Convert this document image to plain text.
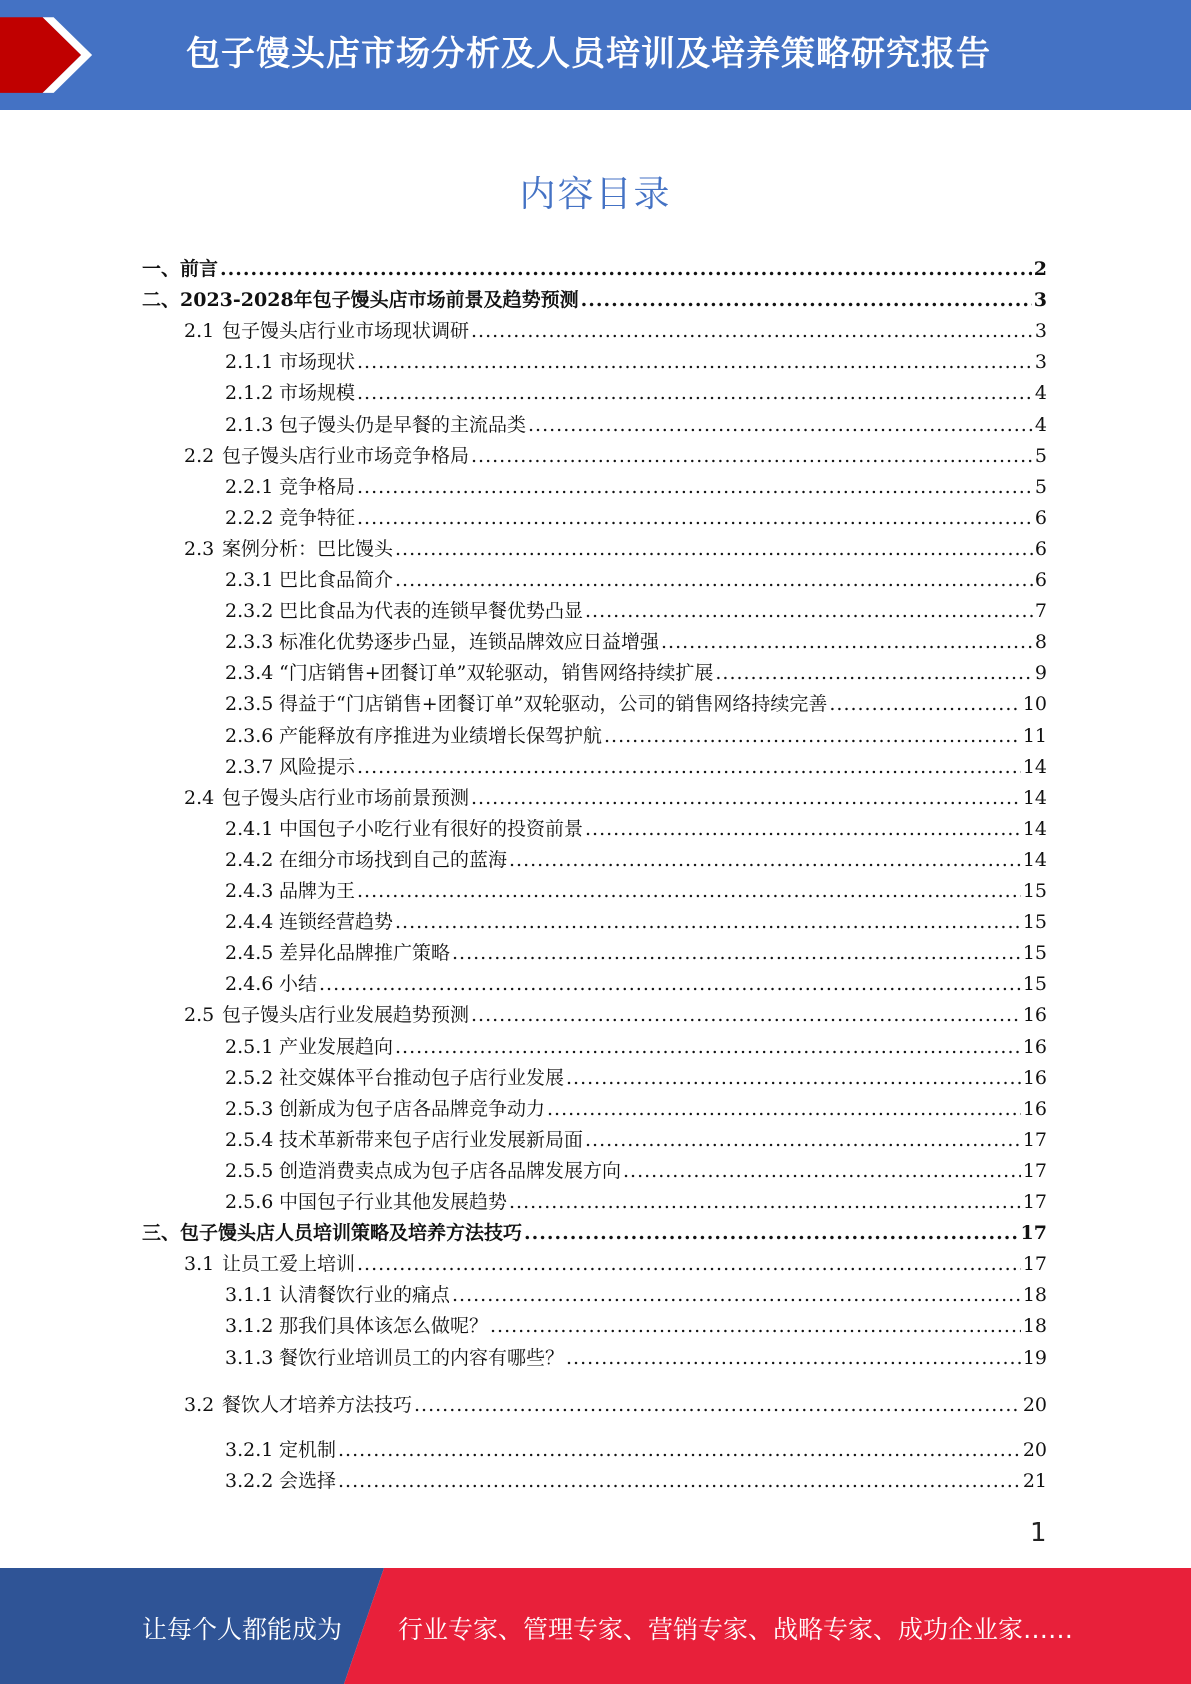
包子馒头店市场分析及人员培训及培养策略研究报告
内容目录
一、 前言 .....	2
二、 2023-2028年包子馒头店市场前景及趋势预测 .....	3
2.1 包子馒头店行业市场现状调研 .....	3
2.1.1 市场现状 .....	3
2.1.2 市场规模 .....	4
2.1.3 包子馒头仍是早餐的主流品类 .....	4
2.2 包子馒头店行业市场竞争格局 .....	5
2.2.1 竞争格局 .....	5
2.2.2 竞争特征 .....	6
2.3 案例分析：巴比馒头 .....	6
2.3.1 巴比食品简介 .....	6
2.3.2 巴比食品为代表的连锁早餐优势凸显 .....	7
2.3.3 标准化优势逐步凸显，连锁品牌效应日益增强 .....	8
2.3.4 “门店销售+团餐订单”双轮驱动，销售网络持续扩展 .....	9
2.3.5 得益于“门店销售+团餐订单”双轮驱动，公司的销售网络持续完善 .....	10
2.3.6 产能释放有序推进为业绩增长保驾护航 .....	11
2.3.7 风险提示 .....	14
2.4 包子馒头店行业市场前景预测 .....	14
2.4.1 中国包子小吃行业有很好的投资前景 .....	14
2.4.2 在细分市场找到自己的蓝海 .....	14
2.4.3 品牌为王 .....	15
2.4.4 连锁经营趋势 .....	15
2.4.5 差异化品牌推广策略 .....	15
2.4.6 小结 .....	15
2.5 包子馒头店行业发展趋势预测 .....	16
2.5.1 产业发展趋向 .....	16
2.5.2 社交媒体平台推动包子店行业发展 .....	16
2.5.3 创新成为包子店各品牌竞争动力 .....	16
2.5.4 技术革新带来包子店行业发展新局面 .....	17
2.5.5 创造消费卖点成为包子店各品牌发展方向 .....	17
2.5.6 中国包子行业其他发展趋势 .....	17
三、 包子馒头店人员培训策略及培养方法技巧 .....	17
3.1 让员工爱上培训 .....	17
3.1.1 认清餐饮行业的痛点 .....	18
3.1.2 那我们具体该怎么做呢？ .....	18
3.1.3 餐饮行业培训员工的内容有哪些？ .....	19
3.2 餐饮人才培养方法技巧 .....	20
3.2.1 定机制 .....	20
3.2.2 会选择 .....	21
1
让每个人都能成为 行业专家、管理专家、营销专家、战略专家、成功企业家……
